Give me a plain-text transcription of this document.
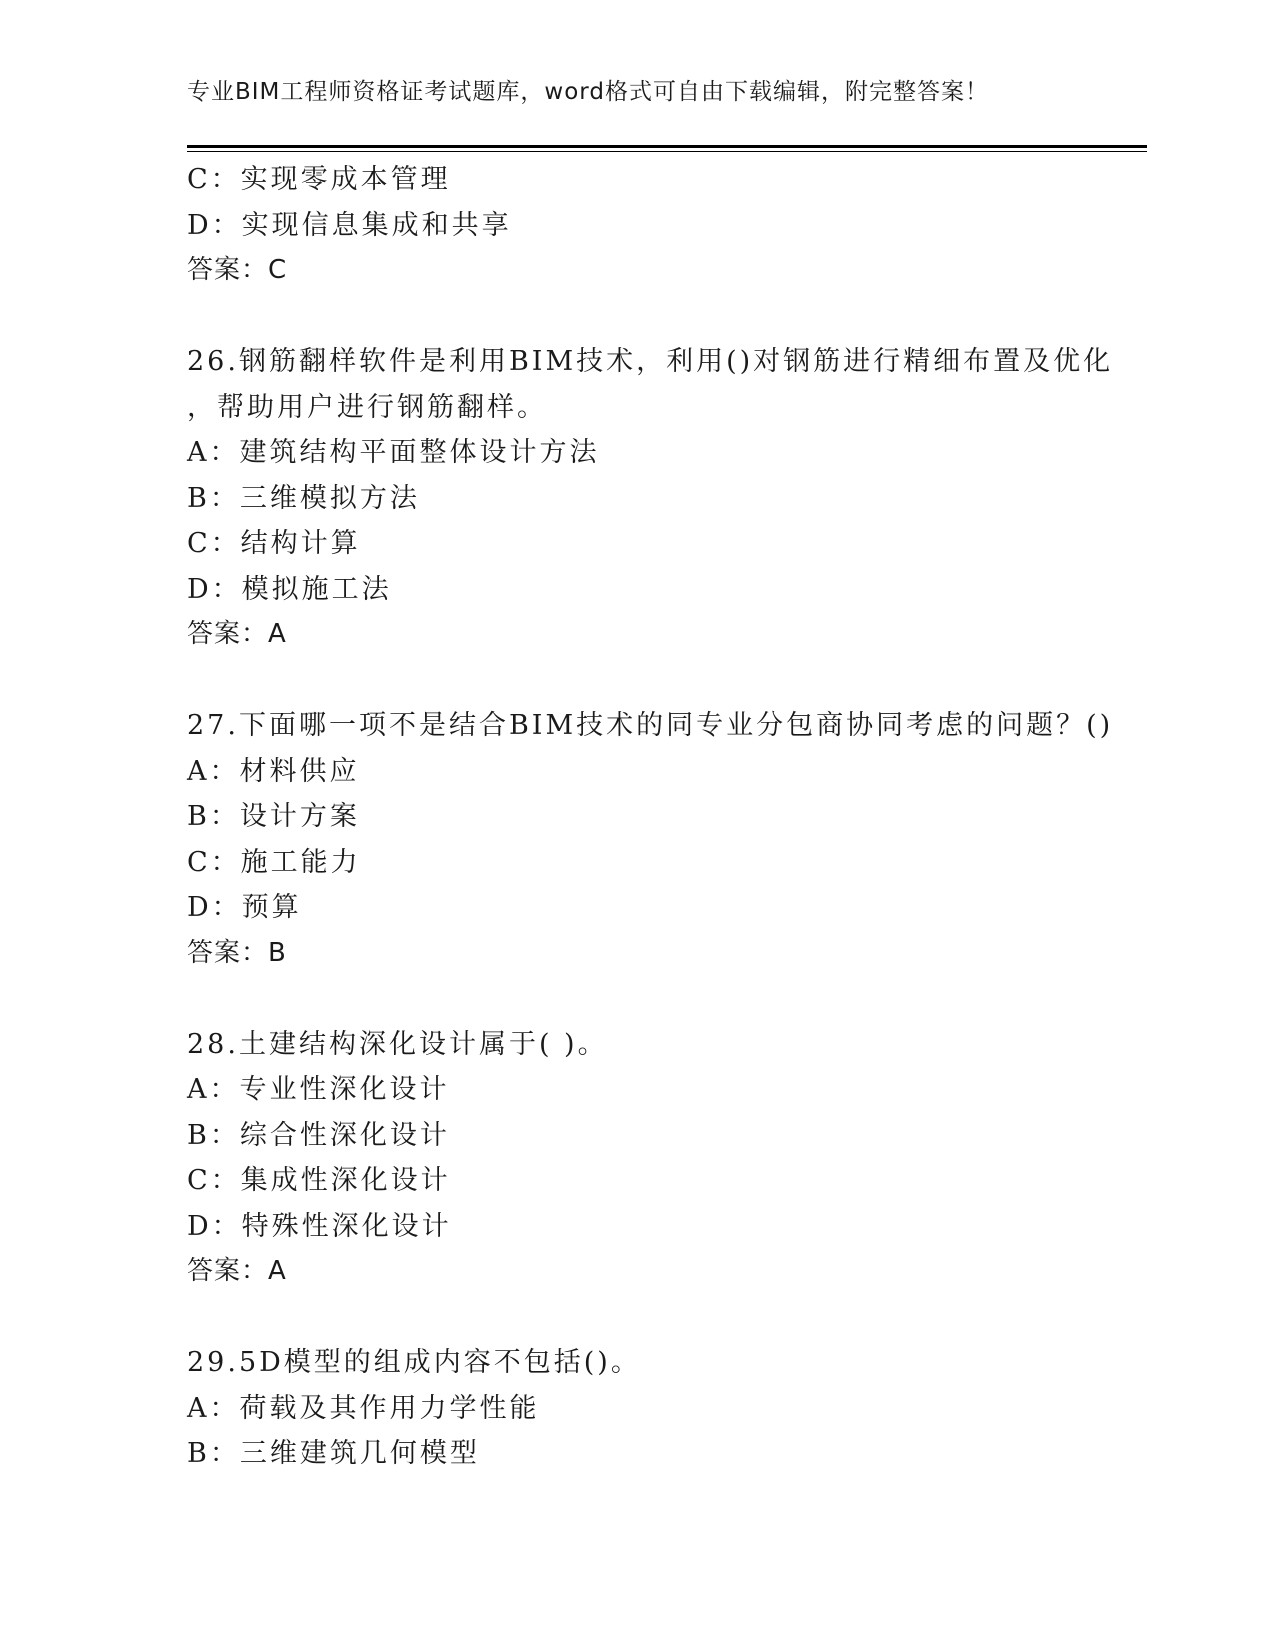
专业BIM工程师资格证考试题库，word格式可自由下载编辑，附完整答案！
C：实现零成本管理
D：实现信息集成和共享
答案：C
26.钢筋翻样软件是利用BIM技术，利用()对钢筋进行精细布置及优化
，帮助用户进行钢筋翻样。
A：建筑结构平面整体设计方法
B：三维模拟方法
C：结构计算
D：模拟施工法
答案：A
27.下面哪一项不是结合BIM技术的同专业分包商协同考虑的问题？()
A：材料供应
B：设计方案
C：施工能力
D：预算
答案：B
28.土建结构深化设计属于( )。
A：专业性深化设计
B：综合性深化设计
C：集成性深化设计
D：特殊性深化设计
答案：A
29.5D模型的组成内容不包括()。
A：荷载及其作用力学性能
B：三维建筑几何模型
